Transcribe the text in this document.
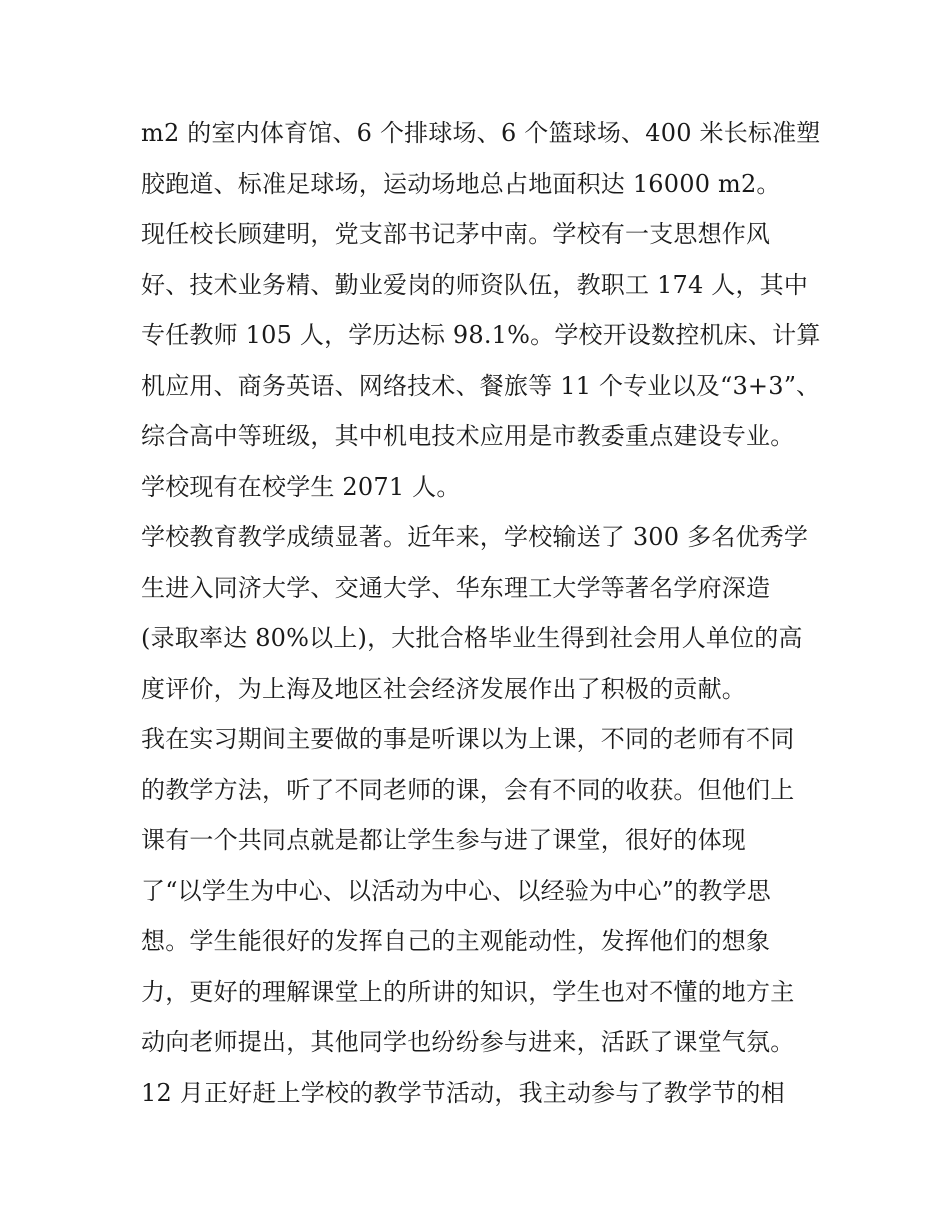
m2 的室内体育馆、6 个排球场、6 个篮球场、400 米长标准塑
胶跑道、标准足球场，运动场地总占地面积达 16000 m2。
现任校长顾建明，党支部书记茅中南。学校有一支思想作风
好、技术业务精、勤业爱岗的师资队伍，教职工 174 人，其中
专任教师 105 人，学历达标 98.1%。学校开设数控机床、计算
机应用、商务英语、网络技术、餐旅等 11 个专业以及“3+3”、
综合高中等班级，其中机电技术应用是市教委重点建设专业。
学校现有在校学生 2071 人。
学校教育教学成绩显著。近年来，学校输送了 300 多名优秀学
生进入同济大学、交通大学、华东理工大学等著名学府深造
(录取率达 80%以上)，大批合格毕业生得到社会用人单位的高
度评价，为上海及地区社会经济发展作出了积极的贡献。
我在实习期间主要做的事是听课以为上课，不同的老师有不同
的教学方法，听了不同老师的课，会有不同的收获。但他们上
课有一个共同点就是都让学生参与进了课堂，很好的体现
了“以学生为中心、以活动为中心、以经验为中心”的教学思
想。学生能很好的发挥自己的主观能动性，发挥他们的想象
力，更好的理解课堂上的所讲的知识，学生也对不懂的地方主
动向老师提出，其他同学也纷纷参与进来，活跃了课堂气氛。
12 月正好赶上学校的教学节活动，我主动参与了教学节的相
